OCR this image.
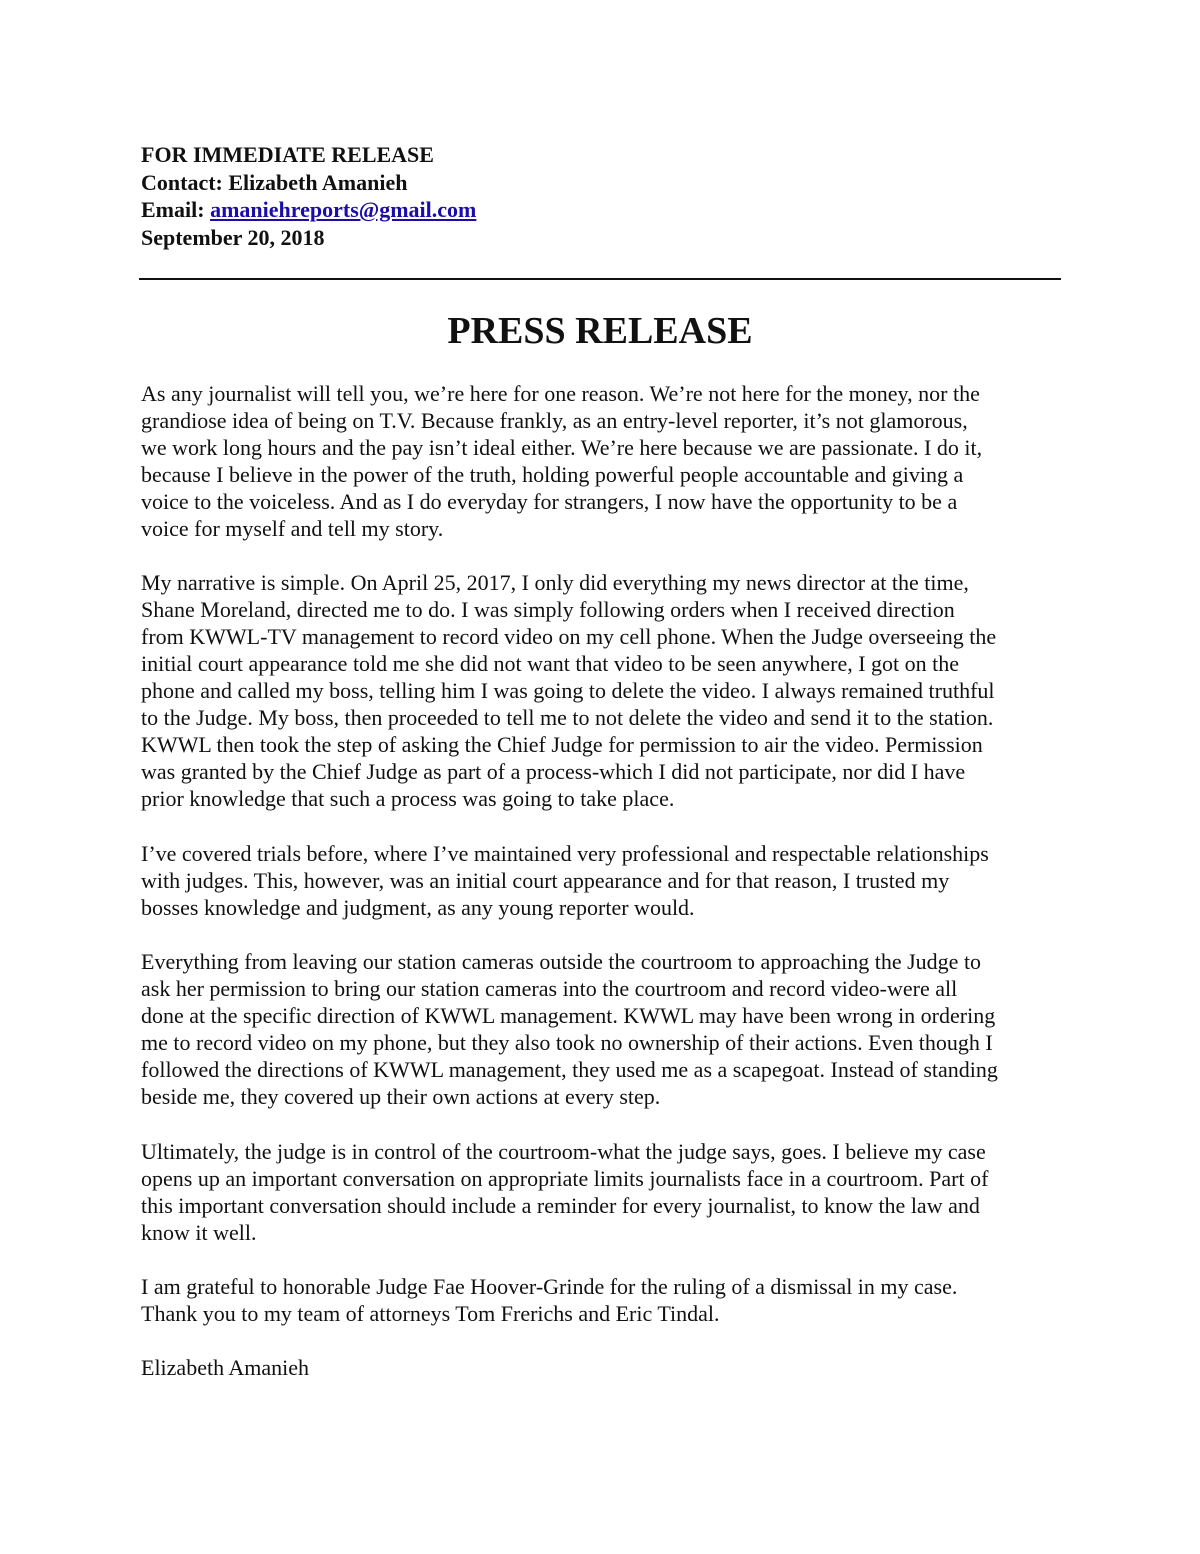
FOR IMMEDIATE RELEASE
Contact: Elizabeth Amanieh
Email: amaniehreports@gmail.com
September 20, 2018
PRESS RELEASE

As any journalist will tell you, we’re here for one reason. We’re not here for the money, nor the
grandiose idea of being on T.V. Because frankly, as an entry-level reporter, it’s not glamorous,
we work long hours and the pay isn’t ideal either. We’re here because we are passionate. I do it,
because I believe in the power of the truth, holding powerful people accountable and giving a
voice to the voiceless. And as I do everyday for strangers, I now have the opportunity to be a
voice for myself and tell my story.

My narrative is simple. On April 25, 2017, I only did everything my news director at the time,
Shane Moreland, directed me to do. I was simply following orders when I received direction
from KWWL-TV management to record video on my cell phone. When the Judge overseeing the
initial court appearance told me she did not want that video to be seen anywhere, I got on the
phone and called my boss, telling him I was going to delete the video. I always remained truthful
to the Judge. My boss, then proceeded to tell me to not delete the video and send it to the station.
KWWL then took the step of asking the Chief Judge for permission to air the video. Permission
was granted by the Chief Judge as part of a process-which I did not participate, nor did I have
prior knowledge that such a process was going to take place.

I’ve covered trials before, where I’ve maintained very professional and respectable relationships
with judges. This, however, was an initial court appearance and for that reason, I trusted my
bosses knowledge and judgment, as any young reporter would.

Everything from leaving our station cameras outside the courtroom to approaching the Judge to
ask her permission to bring our station cameras into the courtroom and record video-were all
done at the specific direction of KWWL management. KWWL may have been wrong in ordering
me to record video on my phone, but they also took no ownership of their actions. Even though I
followed the directions of KWWL management, they used me as a scapegoat. Instead of standing
beside me, they covered up their own actions at every step.

Ultimately, the judge is in control of the courtroom-what the judge says, goes. I believe my case
opens up an important conversation on appropriate limits journalists face in a courtroom. Part of
this important conversation should include a reminder for every journalist, to know the law and
know it well.

I am grateful to honorable Judge Fae Hoover-Grinde for the ruling of a dismissal in my case.
Thank you to my team of attorneys Tom Frerichs and Eric Tindal.

Elizabeth Amanieh
